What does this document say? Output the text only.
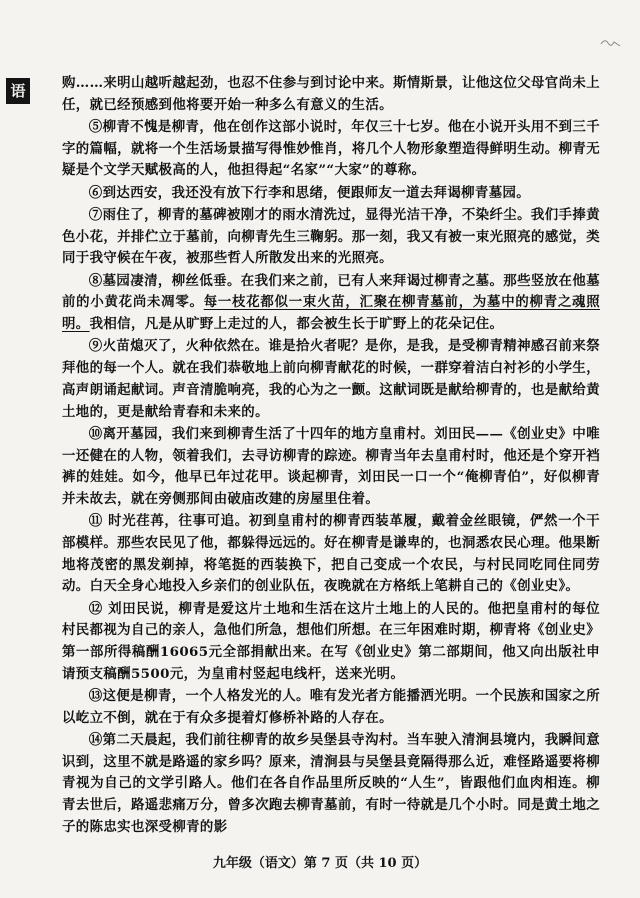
语	购……来明山越听越起劲，也忍不住参与到讨论中来。斯情斯景，让他这位父母官尚未上任，就已经预感到他将要开始一种多么有意义的生活。

⑤柳青不愧是柳青，他在创作这部小说时，年仅三十七岁。他在小说开头用不到三千字的篇幅，就将一个生活场景描写得惟妙惟肖，将几个人物形象塑造得鲜明生动。柳青无疑是个文学天赋极高的人，他担得起“名家”“大家”的尊称。

⑥到达西安，我还没有放下行李和思绪，便跟师友一道去拜谒柳青墓园。

⑦雨住了，柳青的墓碑被刚才的雨水清洗过，显得光洁干净，不染纤尘。我们手捧黄色小花，并排伫立于墓前，向柳青先生三鞠躬。那一刻，我又有被一束光照亮的感觉，类同于我守候在午夜，被那些哲人所散发出来的光照亮。

⑧墓园凄清，柳丝低垂。在我们来之前，已有人来拜谒过柳青之墓。那些竖放在他墓前的小黄花尚未凋零。每一枝花都似一束火苗，汇聚在柳青墓前，为墓中的柳青之魂照明。我相信，凡是从旷野上走过的人，都会被生长于旷野上的花朵记住。

⑨火苗熄灭了，火种依然在。谁是拾火者呢？是你，是我，是受柳青精神感召前来祭拜他的每一个人。就在我们恭敬地上前向柳青献花的时候，一群穿着洁白衬衫的小学生，高声朗诵起献词。声音清脆响亮，我的心为之一颤。这献词既是献给柳青的，也是献给黄土地的，更是献给青春和未来的。

⑩离开墓园，我们来到柳青生活了十四年的地方皇甫村。刘田民——《创业史》中唯一还健在的人物，领着我们，去寻访柳青的踪迹。柳青当年去皇甫村时，他还是个穿开裆裤的娃娃。如今，他早已年过花甲。谈起柳青，刘田民一口一个“俺柳青伯”，好似柳青并未故去，就在旁侧那间由破庙改建的房屋里住着。

⑪ 时光荏苒，往事可追。初到皇甫村的柳青西装革履，戴着金丝眼镜，俨然一个干部模样。那些农民见了他，都躲得远远的。好在柳青是谦卑的，也洞悉农民心理。他果断地将茂密的黑发剃掉，将笔挺的西装换下，把自己变成一个农民，与村民同吃同住同劳动。白天全身心地投入乡亲们的创业队伍，夜晚就在方格纸上笔耕自己的《创业史》。

⑫ 刘田民说，柳青是爱这片土地和生活在这片土地上的人民的。他把皇甫村的每位村民都视为自己的亲人，急他们所急，想他们所想。在三年困难时期，柳青将《创业史》第一部所得稿酬16065元全部捐献出来。在写《创业史》第二部期间，他又向出版社申请预支稿酬5500元，为皇甫村竖起电线杆，送来光明。

⑬这便是柳青，一个人格发光的人。唯有发光者方能播洒光明。一个民族和国家之所以屹立不倒，就在于有众多提着灯修桥补路的人存在。

⑭第二天晨起，我们前往柳青的故乡吴堡县寺沟村。当车驶入清涧县境内，我瞬间意识到，这里不就是路遥的家乡吗？原来，清涧县与吴堡县竟隔得那么近，难怪路遥要将柳青视为自己的文学引路人。他们在各自作品里所反映的“人生”，皆跟他们血肉相连。柳青去世后，路遥悲痛万分，曾多次跑去柳青墓前，有时一待就是几个小时。同是黄土地之子的陈忠实也深受柳青的影

九年级（语文）第 7 页（共 10 页）
